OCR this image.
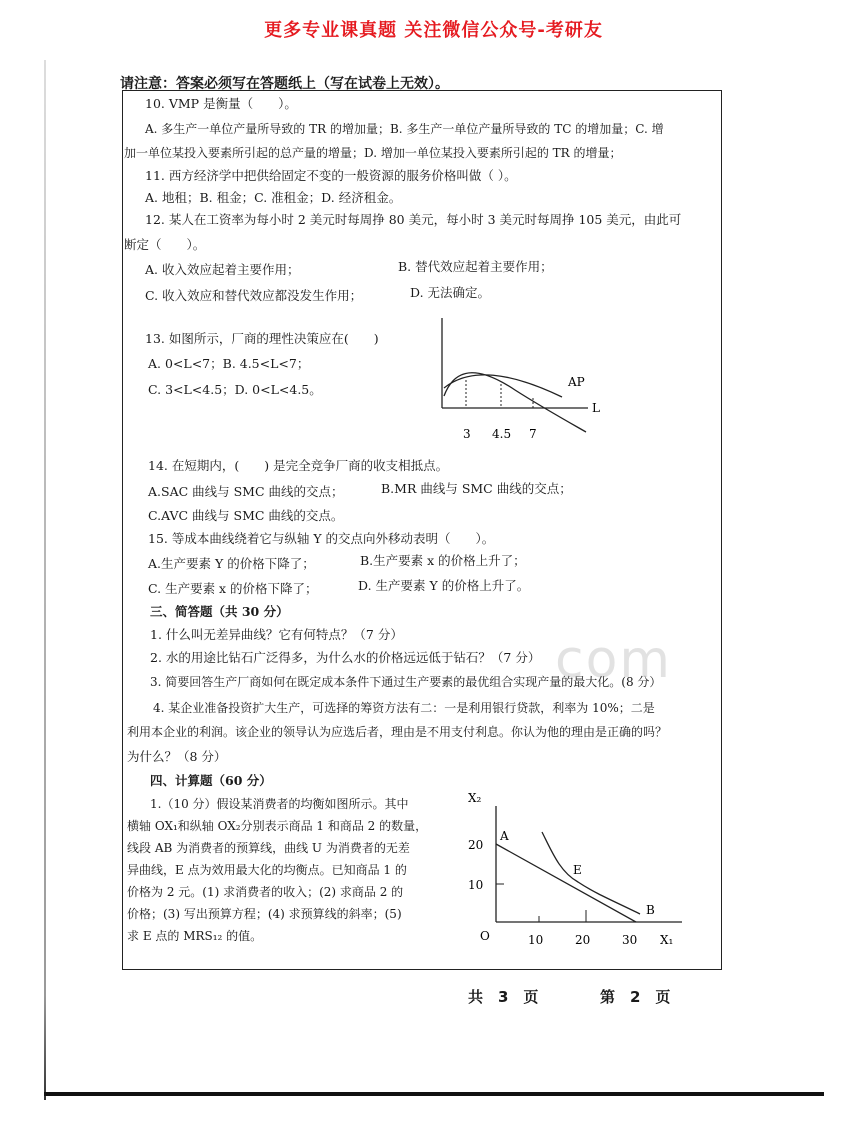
更多专业课真题 关注微信公众号-考研友
请注意：答案必须写在答题纸上（写在试卷上无效）。
10. VMP 是衡量（　　）。
A. 多生产一单位产量所导致的 TR 的增加量；B. 多生产一单位产量所导致的 TC 的增加量；C. 增
加一单位某投入要素所引起的总产量的增量；D. 增加一单位某投入要素所引起的 TR 的增量；
11. 西方经济学中把供给固定不变的一般资源的服务价格叫做（ ）。
A. 地租；B. 租金；C. 准租金；D. 经济租金。
12. 某人在工资率为每小时 2 美元时每周挣 80 美元，每小时 3 美元时每周挣 105 美元，由此可
断定（　　）。
A. 收入效应起着主要作用；	B. 替代效应起着主要作用；
C. 收入效应和替代效应都没发生作用；	D. 无法确定。
13. 如图所示，厂商的理性决策应在(　　)
A. 0<L<7；B. 4.5<L<7；
C. 3<L<4.5；D. 0<L<4.5。	AP
L
3 4.5 7
14. 在短期内，(　　) 是完全竞争厂商的收支相抵点。
A.SAC 曲线与 SMC 曲线的交点；	B.MR 曲线与 SMC 曲线的交点；
C.AVC 曲线与 SMC 曲线的交点。
15. 等成本曲线绕着它与纵轴 Y 的交点向外移动表明（　　）。
A.生产要素 Y 的价格下降了；	B.生产要素 x 的价格上升了；
C. 生产要素 x 的价格下降了；	D. 生产要素 Y 的价格上升了。
三、简答题（共 30 分）
1. 什么叫无差异曲线？它有何特点？（7 分）
2. 水的用途比钻石广泛得多，为什么水的价格远远低于钻石？（7 分）
3. 简要回答生产厂商如何在既定成本条件下通过生产要素的最优组合实现产量的最大化。(8 分）
com
4. 某企业准备投资扩大生产，可选择的筹资方法有二：一是利用银行贷款，利率为 10%；二是
利用本企业的利润。该企业的领导认为应选后者，理由是不用支付利息。你认为他的理由是正确的吗？
为什么？（8 分）
四、计算题（60 分）
1.（10 分）假设某消费者的均衡如图所示。其中
横轴 OX₁和纵轴 OX₂分别表示商品 1 和商品 2 的数量，
线段 AB 为消费者的预算线，曲线 U 为消费者的无差
异曲线，E 点为效用最大化的均衡点。已知商品 1 的
价格为 2 元。(1) 求消费者的收入；(2) 求商品 2 的
价格；(3) 写出预算方程；(4) 求预算线的斜率；(5)
求 E 点的 MRS₁₂ 的值。
X₂
X₁
O
A
B
E
20
10
10	20	30
共　3　页	第　2　页
